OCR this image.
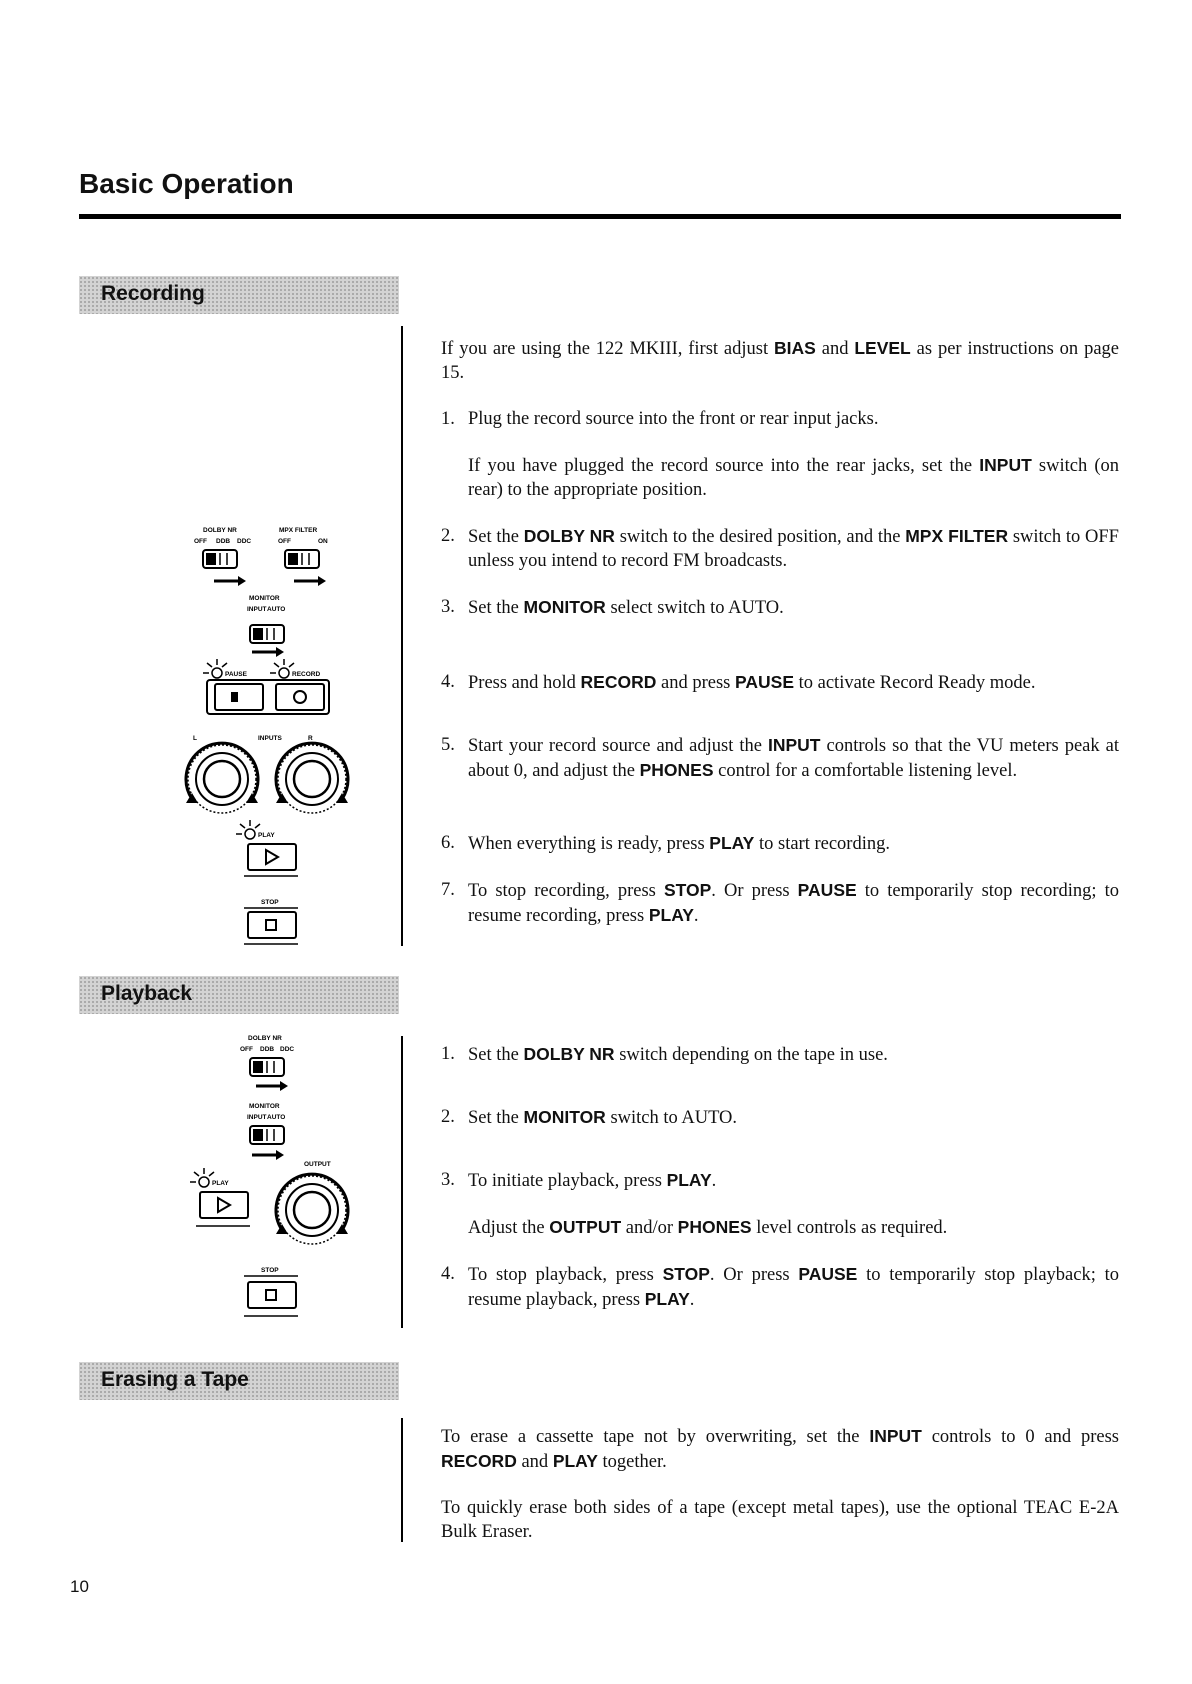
Basic Operation
Recording
Playback
Erasing a Tape

If you are using the 122 MKIII, first adjust BIAS and LEVEL as per instructions on page 15.

1. Plug the record source into the front or rear input jacks.
If you have plugged the record source into the rear jacks, set the INPUT switch (on rear) to the appropriate position.
2. Set the DOLBY NR switch to the desired position, and the MPX FILTER switch to OFF unless you intend to record FM broadcasts.
3. Set the MONITOR select switch to AUTO.
4. Press and hold RECORD and press PAUSE to activate Record Ready mode.
5. Start your record source and adjust the INPUT controls so that the VU meters peak at about 0, and adjust the PHONES control for a comfortable listening level.
6. When everything is ready, press PLAY to start recording.
7. To stop recording, press STOP. Or press PAUSE to temporarily stop recording; to resume recording, press PLAY.
1. Set the DOLBY NR switch depending on the tape in use.
2. Set the MONITOR switch to AUTO.
3. To initiate playback, press PLAY.
Adjust the OUTPUT and/or PHONES level controls as required.
4. To stop playback, press STOP. Or press PAUSE to temporarily stop playback; to resume playback, press PLAY.

To erase a cassette tape not by overwriting, set the INPUT controls to 0 and press RECORD and PLAY together.

To quickly erase both sides of a tape (except metal tapes), use the optional TEAC E-2A Bulk Eraser.

10
DOLBY NR
OFF DDB DDC
MPX FILTER
OFF	ON
MONITOR
INPUT AUTO
PAUSE	RECORD
L	INPUTS	R
PLAY
STOP
DOLBY NR
OFF DDB DDC
MONITOR
INPUT AUTO
PLAY
OUTPUT
STOP
